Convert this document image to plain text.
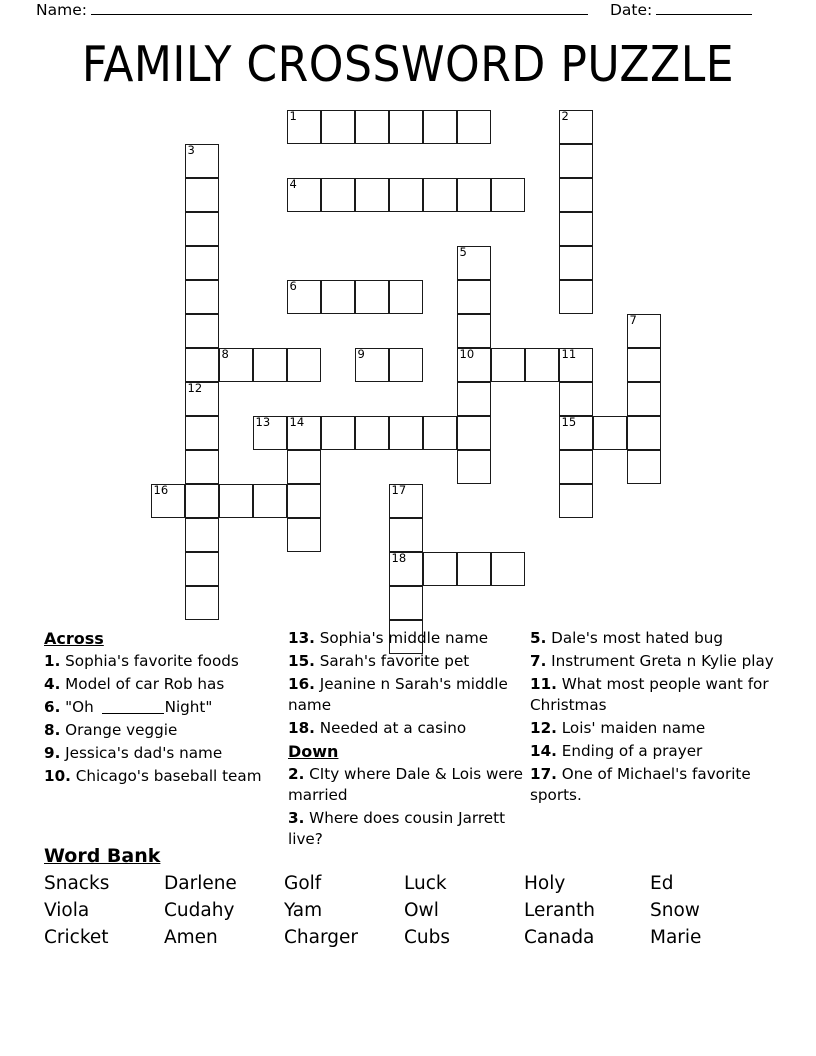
Name:	Date:
FAMILY CROSSWORD PUZZLE
1	2
3
4
5
10
6
7
8	9	11
15
12
13 14
16	17
18
Across

1. Sophia's favorite foods

4. Model of car Rob has

6. "Oh	Night"

8. Orange veggie

9. Jessica's dad's name

10. Chicago's baseball team

13. Sophia's middle name

15. Sarah's favorite pet

16. Jeanine n Sarah's middle name

18. Needed at a casino

Down

2. CIty where Dale & Lois were married

3. Where does cousin Jarrett live?

5. Dale's most hated bug

7. Instrument Greta n Kylie play

11. What most people want for Christmas

12. Lois' maiden name

14. Ending of a prayer

17. One of Michael's favorite sports.

Word Bank
Snacks	Darlene	Golf	Luck	Holy	Ed
Viola	Cudahy	Yam	Owl	Leranth	Snow
Cricket	Amen	Charger	Cubs	Canada	Marie
